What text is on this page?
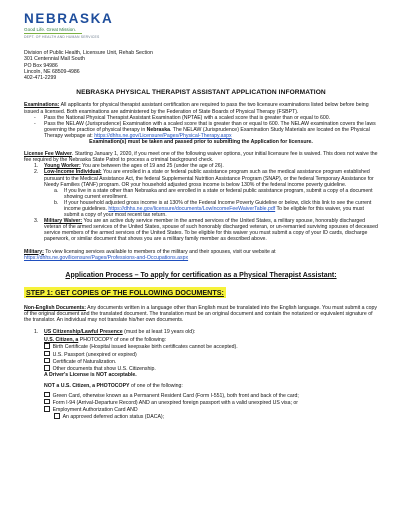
NEBRASKA
Good Life. Great Mission.
DEPT. OF HEALTH AND HUMAN SERVICES
Division of Public Health, Licensure Unit, Rehab Section
301 Centennial Mall South
PO Box 94986
Lincoln, NE 68509-4986
402-471-2299
NEBRASKA PHYSICAL THERAPIST ASSISTANT APPLICATION INFORMATION

Examinations: All applicants for physical therapist assistant certification are required to pass the two licensure examinations listed below before being issued a licensed. Both examinations are administered by the Federation of State Boards of Physical Therapy (FSBPT).

-	Pass the National Physical Therapist Assistant Examination (NPTAE) with a scaled score that is greater than or equal to 600.

-	Pass the NELAW (Jurisprudence) Examination with a scaled score that is greater than or equal to 600. The NELAW examination covers the laws governing the practice of physical therapy in Nebraska. The NELAW (Jurisprudence) Examination Study Materials are located on the Physical Therapy webpage at: https://dhhs.ne.gov/Licensure/Pages/Physical-Therapy.aspx

Examination(s) must be taken and passed prior to submitting the Application for licensure.

License Fee Waiver. Starting January 1, 2020, if you meet one of the following waiver options, your initial licensure fee is waived. This does not waive the fee required by the Nebraska State Patrol to process a criminal background check.

1.	Young Worker: You are between the ages of 19 and 25 (under the age of 26).

2.	Low-Income Individual: You are enrolled in a state or federal public assistance program such as the medical assistance program established pursuant to the Medical Assistance Act, the federal Supplemental Nutrition Assistance Program (SNAP), or the federal Temporary Assistance for Needy Families (TANF) program. OR your household adjusted gross income is below 130% of the federal income poverty guideline.

a.	If you live in a state other than Nebraska and are enrolled in a state or federal public assistance program, submit a copy of a document showing current enrollment.

b.	If your household adjusted gross income is at 130% of the Federal Income Poverty Guideline or below, click this link to see the current income guidelines. https://dhhs.ne.gov/licensure/documents/LowIncomeFeeWaiverTable.pdf To be eligible for this waiver, you must submit a copy of your most recent tax return.

3.	Military Waiver: You are an active duty service member in the armed services of the United States, a military spouse, honorably discharged veteran of the armed services of the United States, spouse of such honorably discharged veteran, or un-remarried surviving spouses of deceased service members of the armed services of the United States. To be eligible for this waiver you must submit a copy of your ID cards, discharge paperwork, or similar document that shows you are a military family member as described above.

Military: To view licensing services available to members of the military and their spouses, visit our website at

https://dhhs.ne.gov/licensure/Pages/Professions-and-Occupations.aspx

Application Process – To apply for certification as a Physical Therapist Assistant:
STEP 1: GET COPIES OF THE FOLLOWING DOCUMENTS:

Non-English Documents: Any documents written in a language other than English must be translated into the English language. You must submit a copy of the original document and the translated document. The translation must be an original document and contain the notarized or equivalent signature of the translator. An individual may not translate his/her own documents.

1.	US Citizenship/Lawful Presence (must be at least 19 years old):

U.S. Citizen, a PHOTOCOPY of one of the following:

Birth Certificate (Hospital issued keepsake birth certificates cannot be accepted).

U.S. Passport (unexpired or expired)

Certificate of Naturalization.

Other documents that show U.S. Citizenship.

A Driver's License is NOT acceptable.

NOT a U.S. Citizen, a PHOTOCOPY of one of the following:

Green Card, otherwise known as a Permanent Resident Card (Form I-551), both front and back of the card;

Form I-94 (Arrival-Departure Record) AND an unexpired foreign passport with a valid unexpired US visa; or

Employment Authorization Card AND

An approved deferred action status (DACA);
